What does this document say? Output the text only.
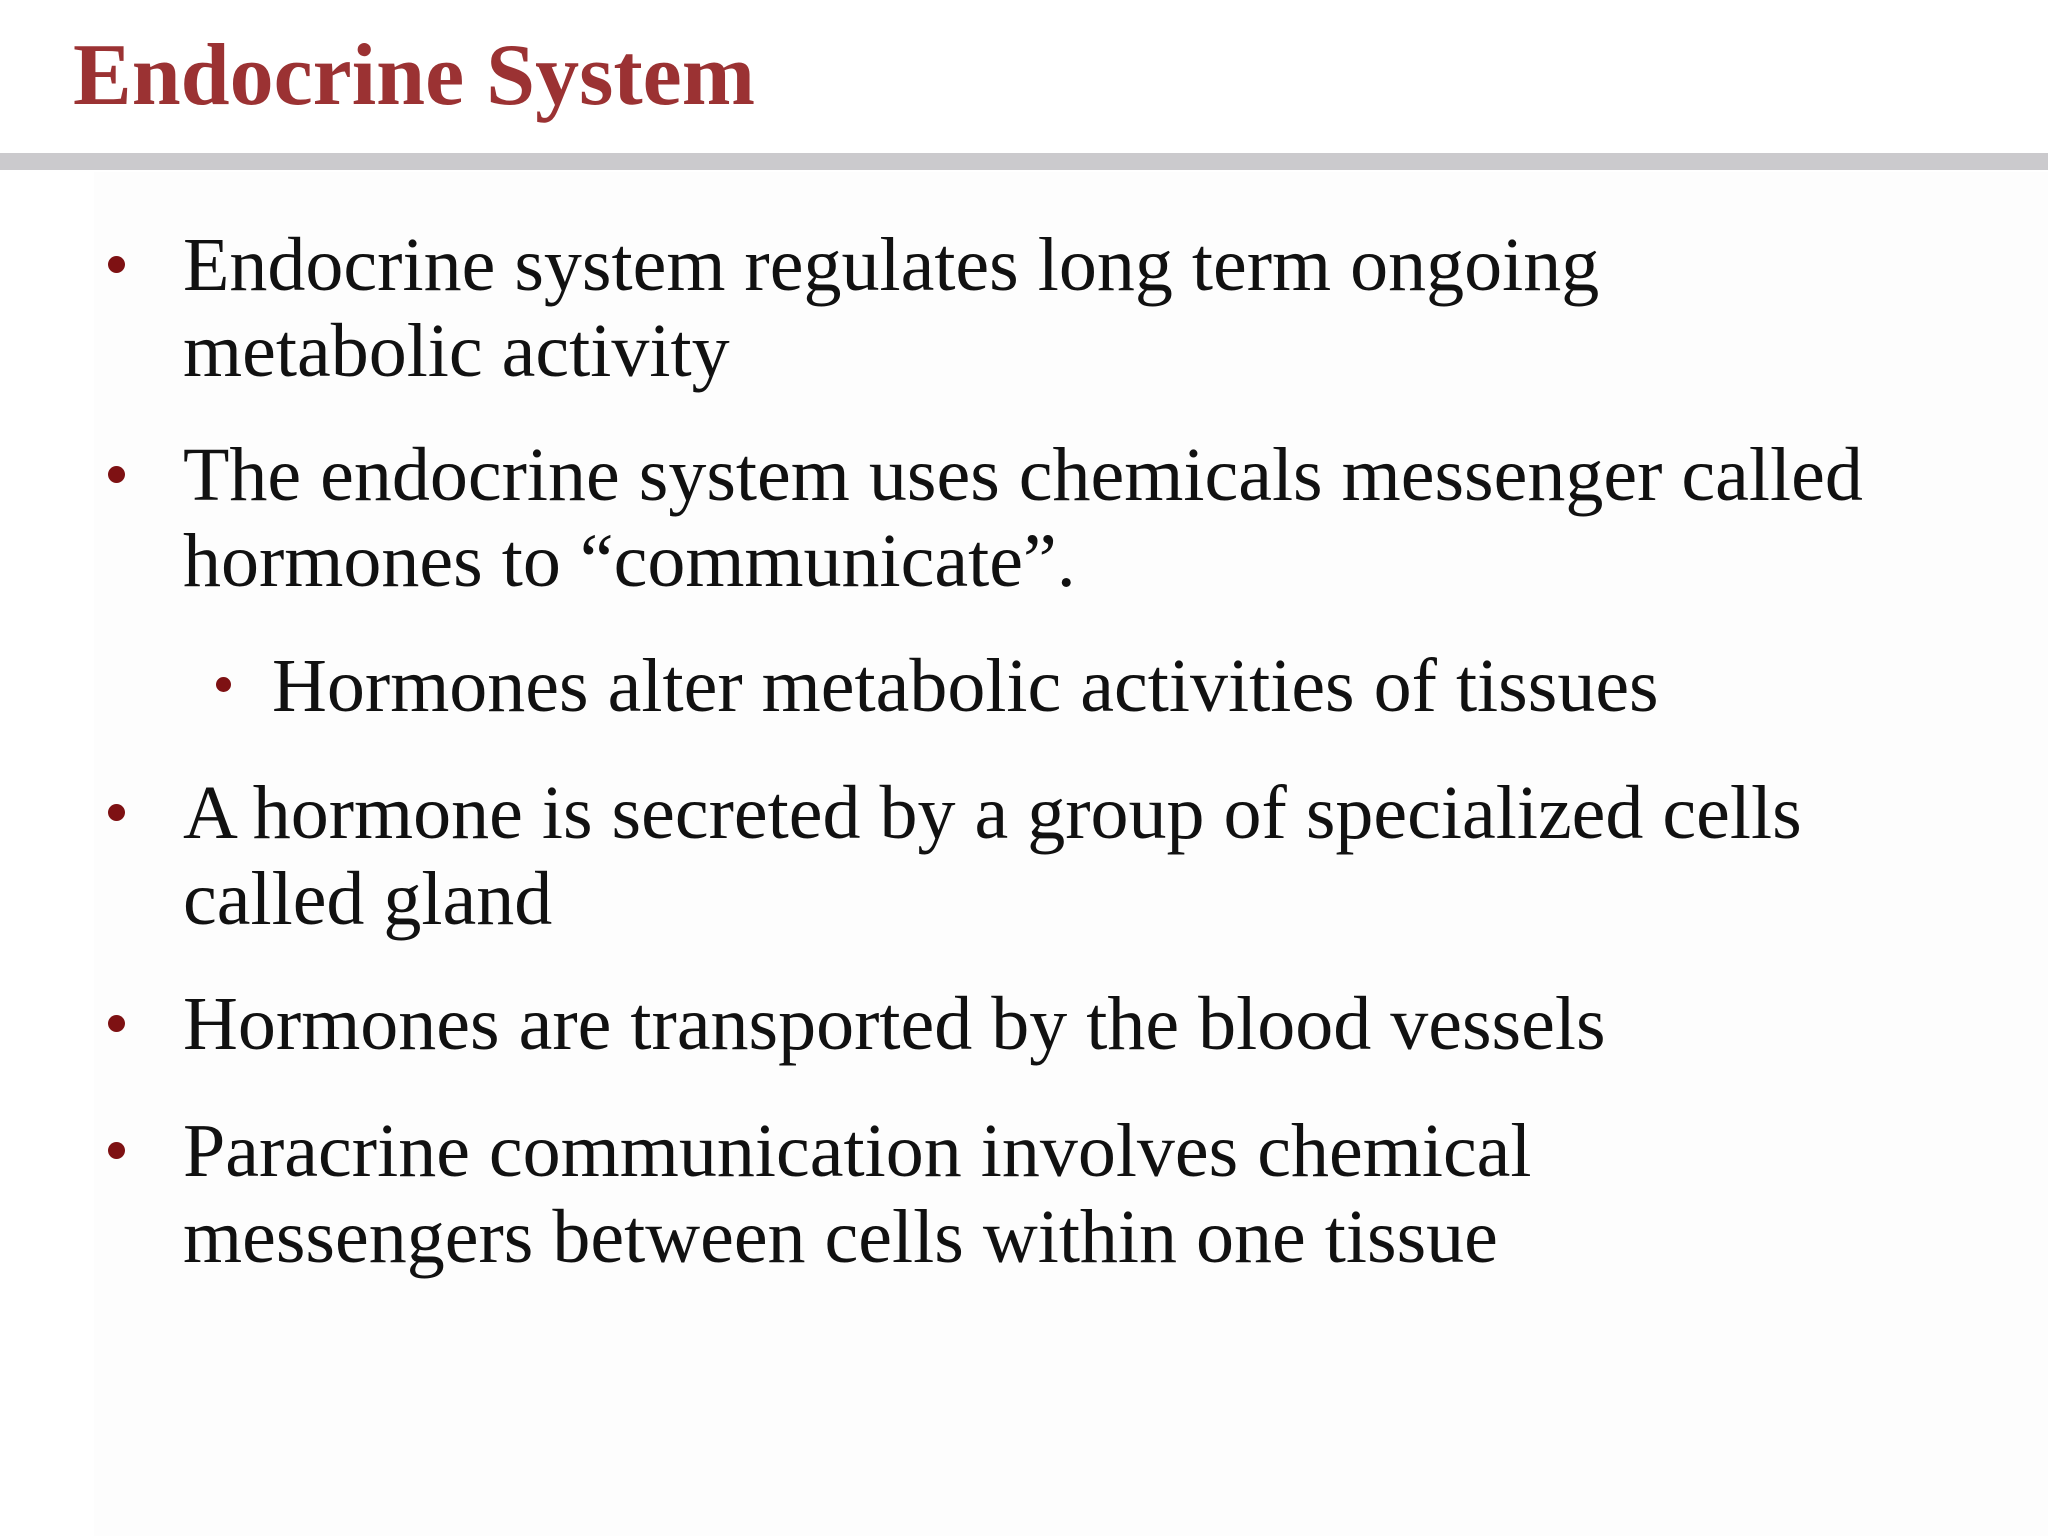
Endocrine System
Endocrine system regulates long term ongoing
metabolic activity
The endocrine system uses chemicals messenger called
hormones to “communicate”.
Hormones alter metabolic activities of tissues
A hormone is secreted by a group of specialized cells
called gland
Hormones are transported by the blood vessels
Paracrine communication involves chemical
messengers between cells within one tissue
